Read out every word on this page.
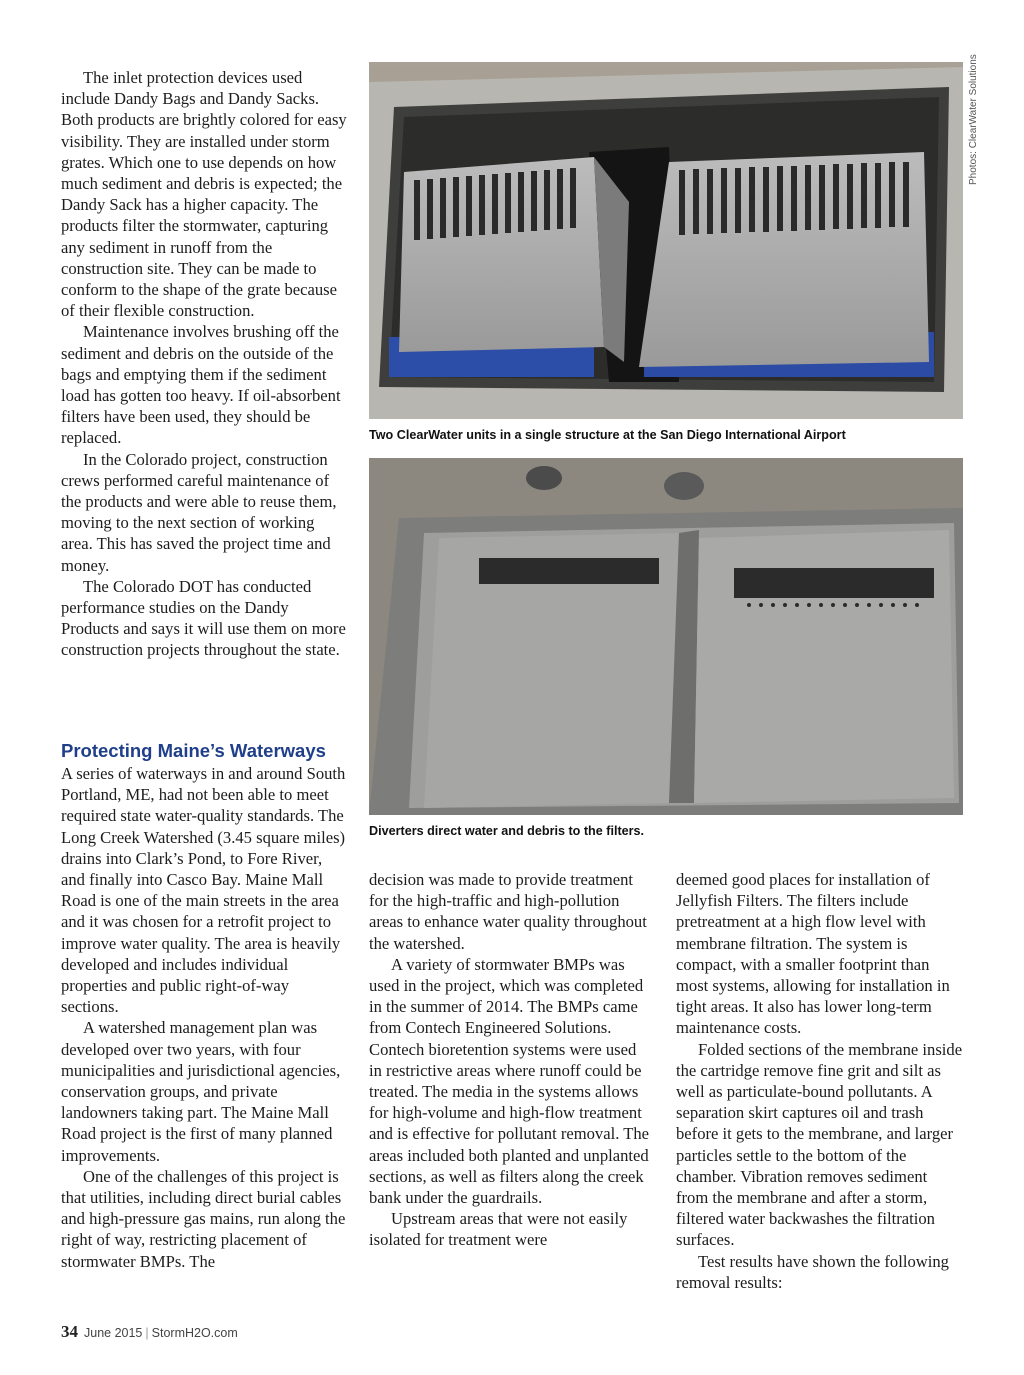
The inlet protection devices used include Dandy Bags and Dandy Sacks. Both products are brightly colored for easy visibility. They are installed under storm grates. Which one to use depends on how much sediment and debris is expected; the Dandy Sack has a higher capacity. The products filter the stormwater, capturing any sediment in runoff from the construction site. They can be made to conform to the shape of the grate because of their flexible construction.

Maintenance involves brushing off the sediment and debris on the outside of the bags and emptying them if the sediment load has gotten too heavy. If oil-absorbent filters have been used, they should be replaced.

In the Colorado project, construction crews performed careful maintenance of the products and were able to reuse them, moving to the next section of working area. This has saved the project time and money.

The Colorado DOT has conducted performance studies on the Dandy Products and says it will use them on more construction projects throughout the state.

Protecting Maine’s Waterways

A series of waterways in and around South Portland, ME, had not been able to meet required state water-quality standards. The Long Creek Watershed (3.45 square miles) drains into Clark’s Pond, to Fore River, and finally into Casco Bay. Maine Mall Road is one of the main streets in the area and it was chosen for a retrofit project to improve water quality. The area is heavily developed and includes individual properties and public right-of-way sections.

A watershed management plan was developed over two years, with four municipalities and jurisdictional agencies, conservation groups, and private landowners taking part. The Maine Mall Road project is the first of many planned improvements.

One of the challenges of this project is that utilities, including direct burial cables and high-pressure gas mains, run along the right of way, restricting placement of stormwater BMPs. The

Two ClearWater units in a single structure at the San Diego International Airport
Photos: ClearWater Solutions
Diverters direct water and debris to the filters.

decision was made to provide treatment for the high-traffic and high-pollution areas to enhance water quality throughout the watershed.

A variety of stormwater BMPs was used in the project, which was completed in the summer of 2014. The BMPs came from Contech Engineered Solutions. Contech bioretention systems were used in restrictive areas where runoff could be treated. The media in the systems allows for high-volume and high-flow treatment and is effective for pollutant removal. The areas included both planted and unplanted sections, as well as filters along the creek bank under the guardrails.

Upstream areas that were not easily isolated for treatment were

deemed good places for installation of Jellyfish Filters. The filters include pretreatment at a high flow level with membrane filtration. The system is compact, with a smaller footprint than most systems, allowing for installation in tight areas. It also has lower long-term maintenance costs.

Folded sections of the membrane inside the cartridge remove fine grit and silt as well as particulate-bound pollutants. A separation skirt captures oil and trash before it gets to the membrane, and larger particles settle to the bottom of the chamber. Vibration removes sediment from the membrane and after a storm, filtered water backwashes the filtration surfaces.

Test results have shown the following removal results:

34 June 2015 | StormH2O.com
